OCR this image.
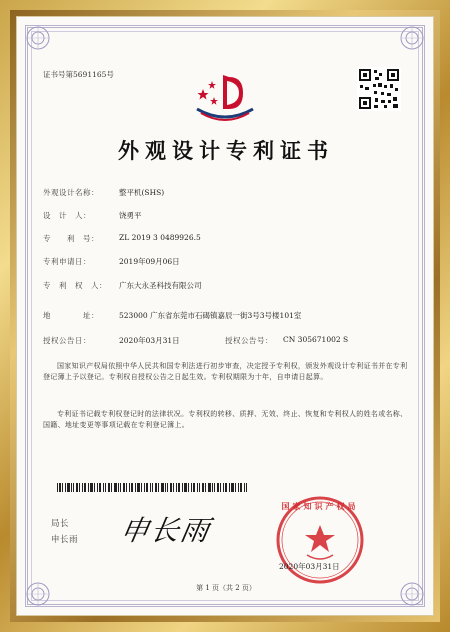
证书号第5691165号
外观设计专利证书
外观设计名称：	整平机(SHS)
设　计　人：	饶勇平
专　　利　号：	ZL 2019 3 0489926.5
专利申请日：	2019年09月06日
专　利　权　人： 广东大永圣科技有限公司
地　　　　址：	523000 广东省东莞市石碣镇嘉辰一街3号3号楼101室
授权公告日：	2020年03月31日	授权公告号： CN 305671002 S
国家知识产权局依照中华人民共和国专利法进行初步审查，决定授予专利权，颁发外观设计专利证书并在专利登记簿上予以登记。专利权自授权公告之日起生效。专利权期限为十年，自申请日起算。
专利证书记载专利权登记时的法律状况。专利权的转移、质押、无效、终止、恢复和专利权人的姓名或名称、国籍、地址变更等事项记载在专利登记簿上。
局长
申长雨 申长雨
国家知识产权局
2020年03月31日
第 1 页（共 2 页）
